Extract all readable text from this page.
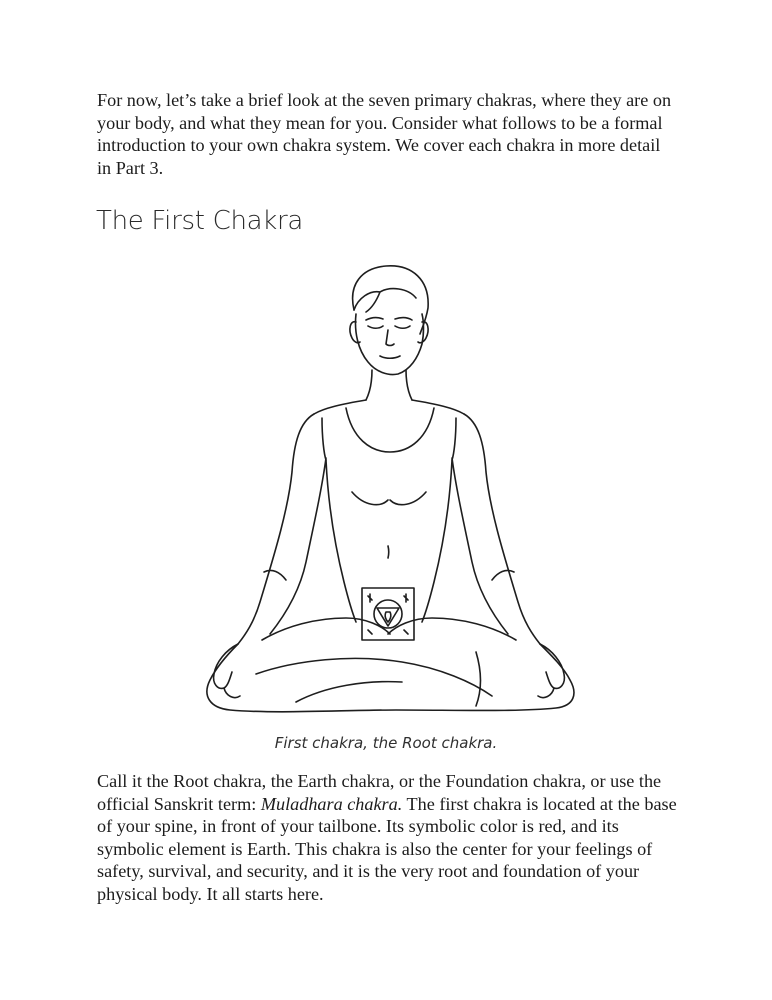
For now, let’s take a brief look at the seven primary chakras, where they are on your body, and what they mean for you. Consider what follows to be a formal introduction to your own chakra system. We cover each chakra in more detail in Part 3.

The First Chakra

First chakra, the Root chakra.

Call it the Root chakra, the Earth chakra, or the Foundation chakra, or use the official Sanskrit term: Muladhara chakra. The first chakra is located at the base of your spine, in front of your tailbone. Its symbolic color is red, and its symbolic element is Earth. This chakra is also the center for your feelings of safety, survival, and security, and it is the very root and foundation of your physical body. It all starts here.
